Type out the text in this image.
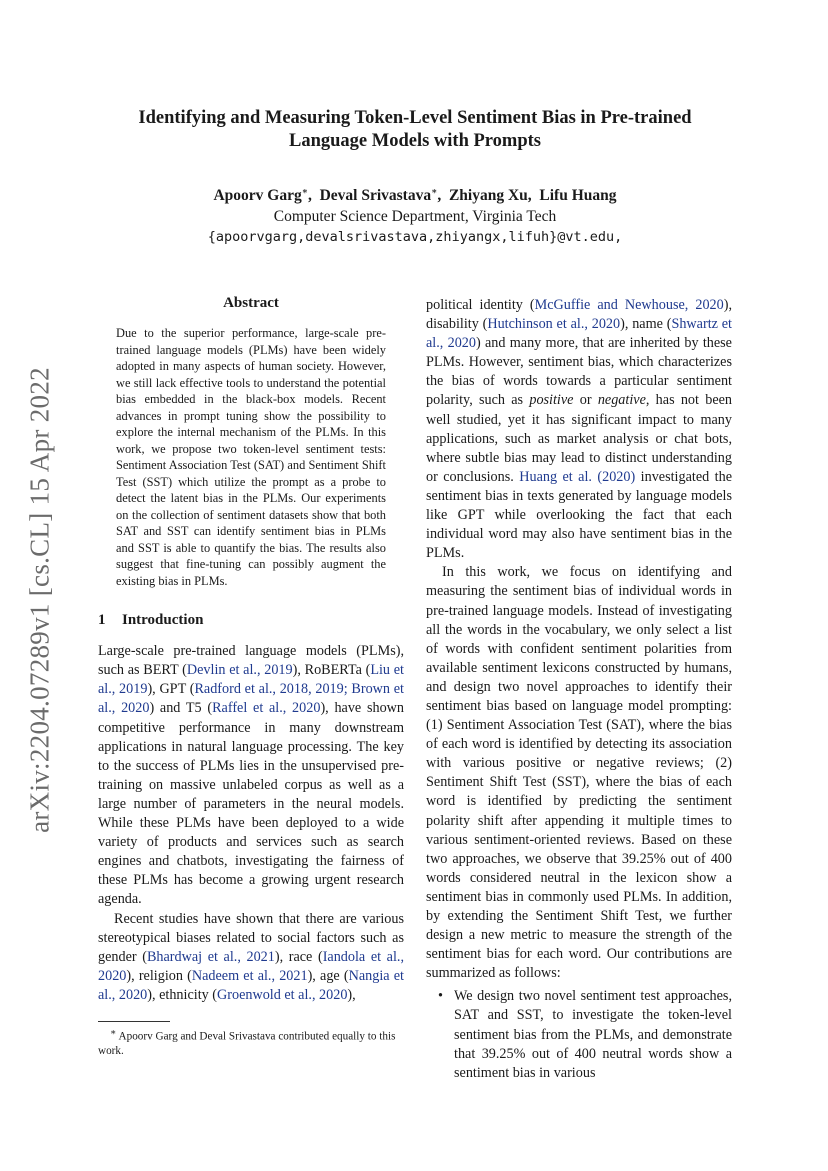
arXiv:2204.07289v1 [cs.CL] 15 Apr 2022
Identifying and Measuring Token-Level Sentiment Bias in Pre-trained Language Models with Prompts
Apoorv Garg∗,  Deval Srivastava∗,  Zhiyang Xu,  Lifu Huang
Computer Science Department, Virginia Tech
{apoorvgarg,devalsrivastava,zhiyangx,lifuh}@vt.edu,
Abstract
Due to the superior performance, large-scale pre-trained language models (PLMs) have been widely adopted in many aspects of human society. However, we still lack effective tools to understand the potential bias embedded in the black-box models. Recent advances in prompt tuning show the possibility to explore the internal mechanism of the PLMs. In this work, we propose two token-level sentiment tests: Sentiment Association Test (SAT) and Sentiment Shift Test (SST) which utilize the prompt as a probe to detect the latent bias in the PLMs. Our experiments on the collection of sentiment datasets show that both SAT and SST can identify sentiment bias in PLMs and SST is able to quantify the bias. The results also suggest that fine-tuning can possibly augment the existing bias in PLMs.
1 Introduction

Large-scale pre-trained language models (PLMs), such as BERT (Devlin et al., 2019), RoBERTa (Liu et al., 2019), GPT (Radford et al., 2018, 2019; Brown et al., 2020) and T5 (Raffel et al., 2020), have shown competitive performance in many downstream applications in natural language processing. The key to the success of PLMs lies in the unsupervised pre-training on massive unlabeled corpus as well as a large number of parameters in the neural models. While these PLMs have been deployed to a wide variety of products and services such as search engines and chatbots, investigating the fairness of these PLMs has become a growing urgent research agenda.

Recent studies have shown that there are various stereotypical biases related to social factors such as gender (Bhardwaj et al., 2021), race (Iandola et al., 2020), religion (Nadeem et al., 2021), age (Nangia et al., 2020), ethnicity (Groenwold et al., 2020),

∗ Apoorv Garg and Deval Srivastava contributed equally to this work.

political identity (McGuffie and Newhouse, 2020), disability (Hutchinson et al., 2020), name (Shwartz et al., 2020) and many more, that are inherited by these PLMs. However, sentiment bias, which characterizes the bias of words towards a particular sentiment polarity, such as positive or negative, has not been well studied, yet it has significant impact to many applications, such as market analysis or chat bots, where subtle bias may lead to distinct understanding or conclusions. Huang et al. (2020) investigated the sentiment bias in texts generated by language models like GPT while overlooking the fact that each individual word may also have sentiment bias in the PLMs.

In this work, we focus on identifying and measuring the sentiment bias of individual words in pre-trained language models. Instead of investigating all the words in the vocabulary, we only select a list of words with confident sentiment polarities from available sentiment lexicons constructed by humans, and design two novel approaches to identify their sentiment bias based on language model prompting: (1) Sentiment Association Test (SAT), where the bias of each word is identified by detecting its association with various positive or negative reviews; (2) Sentiment Shift Test (SST), where the bias of each word is identified by predicting the sentiment polarity shift after appending it multiple times to various sentiment-oriented reviews. Based on these two approaches, we observe that 39.25% out of 400 words considered neutral in the lexicon show a sentiment bias in commonly used PLMs. In addition, by extending the Sentiment Shift Test, we further design a new metric to measure the strength of the sentiment bias for each word. Our contributions are summarized as follows:

• We design two novel sentiment test approaches, SAT and SST, to investigate the token-level sentiment bias from the PLMs, and demonstrate that 39.25% out of 400 neutral words show a sentiment bias in various
